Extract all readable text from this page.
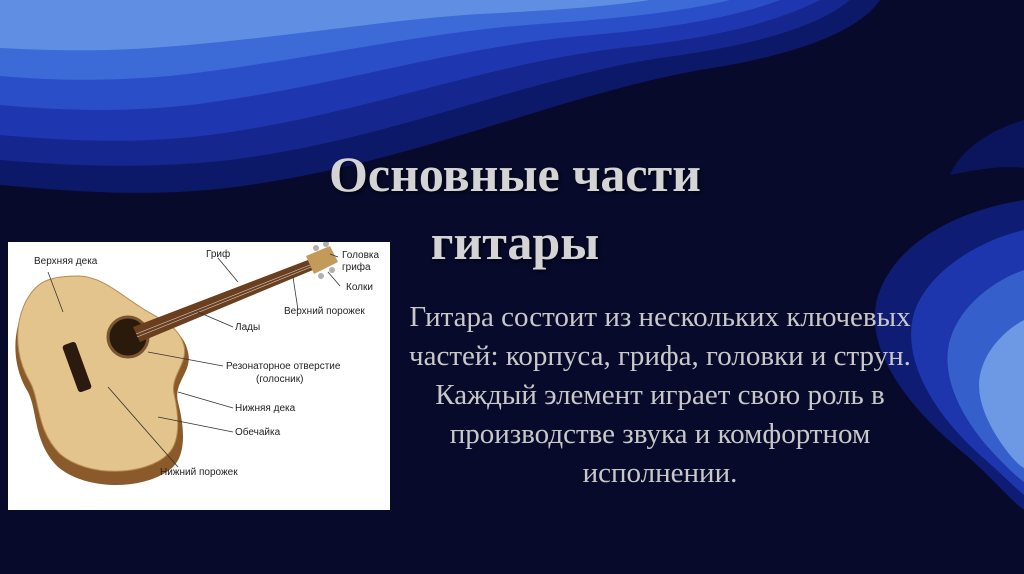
Основные части
гитары
Гитара состоит из нескольких ключевых частей: корпуса, грифа, головки и струн. Каждый элемент играет свою роль в производстве звука и комфортном исполнении.
Верхняя дека
Гриф	Головка
грифа
Колки
Верхний порожек
Лады
Резонаторное отверстие
(голосник)
Нижняя дека
Обечайка
Нижний порожек
